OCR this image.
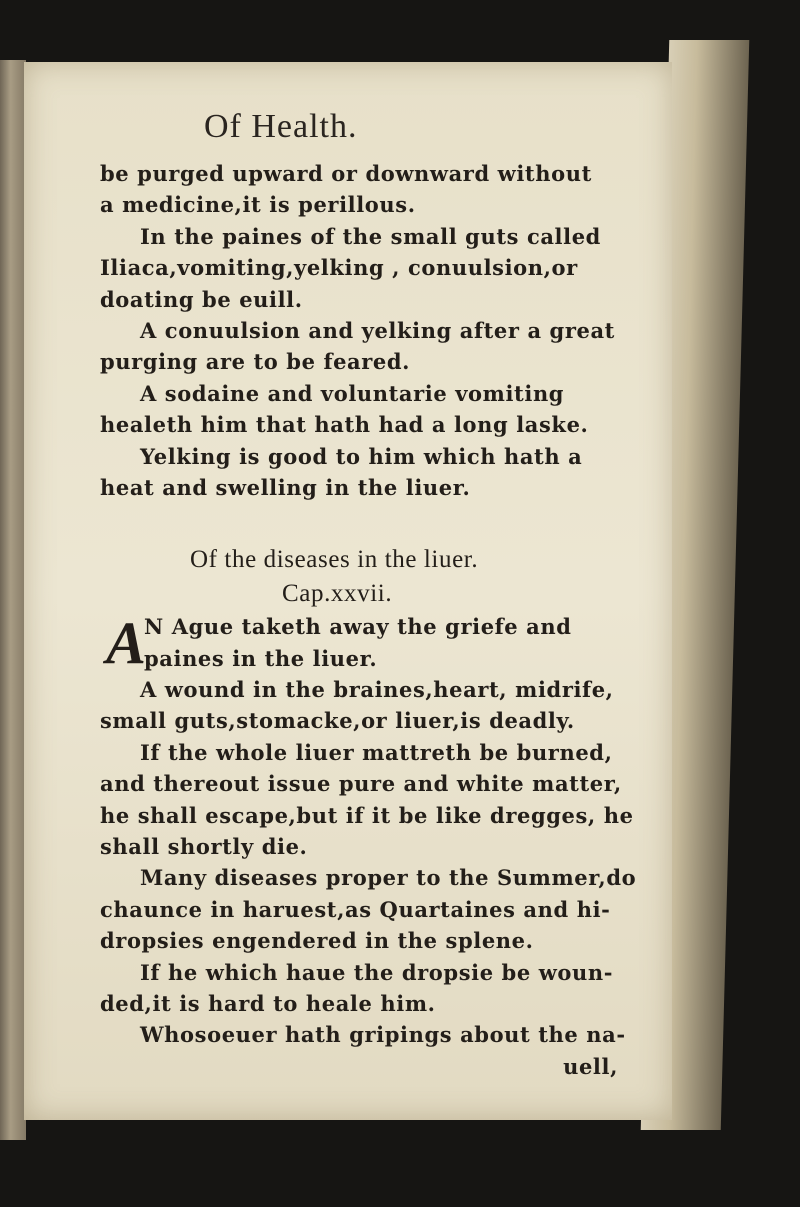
Of Health.
be purged upward or downward without
a medicine,it is perillous.
In the paines of the small guts called
Iliaca,vomiting,yelking , conuulsion,or
doating be euill.
A conuulsion and yelking after a great
purging are to be feared.
A sodaine and voluntarie vomiting
healeth him that hath had a long laske.
Yelking is good to him which hath a
heat and swelling in the liuer.
Of the diseases in the liuer.
Cap.xxvii.
A
N Ague taketh away the griefe and
paines in the liuer.
A wound in the braines,heart, midrife,
small guts,stomacke,or liuer,is deadly.
If the whole liuer mattreth be burned,
and thereout issue pure and white matter,
he shall escape,but if it be like dregges, he
shall shortly die.
Many diseases proper to the Summer,do
chaunce in haruest,as Quartaines and hi-
dropsies engendered in the splene.
If he which haue the dropsie be woun-
ded,it is hard to heale him.
Whosoeuer hath gripings about the na-
uell,
